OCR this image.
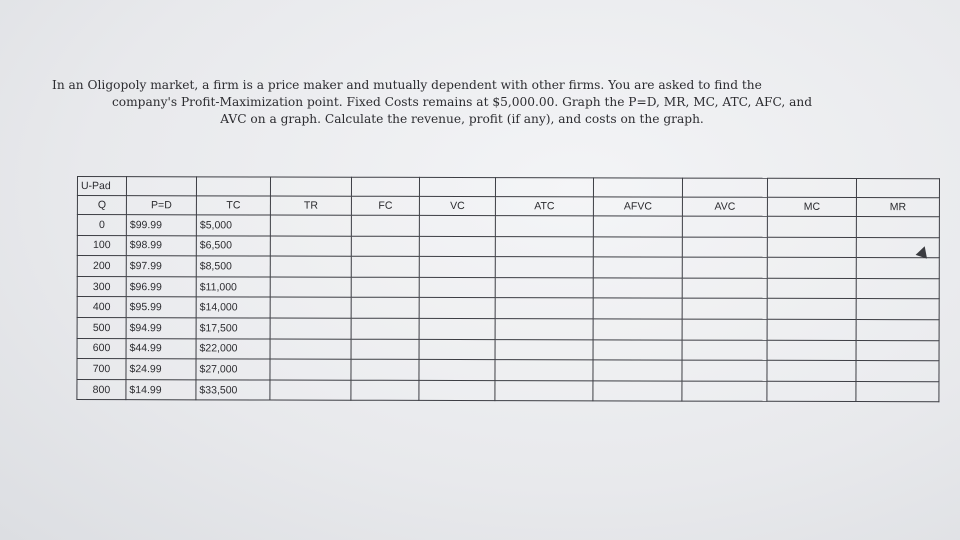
In an Oligopoly market, a firm is a price maker and mutually dependent with other firms. You are asked to find the
company's Profit-Maximization point. Fixed Costs remains at $5,000.00. Graph the P=D, MR, MC, ATC, AFC, and
AVC on a graph. Calculate the revenue, profit (if any), and costs on the graph.
U-Pad										
Q	P=D	TC	TR	FC	VC	ATC	AFVC	AVC	MC	MR
0	$99.99	$5,000								
100	$98.99	$6,500								
200	$97.99	$8,500								
300	$96.99	$11,000								
400	$95.99	$14,000								
500	$94.99	$17,500								
600	$44.99	$22,000								
700	$24.99	$27,000								
800	$14.99	$33,500								
